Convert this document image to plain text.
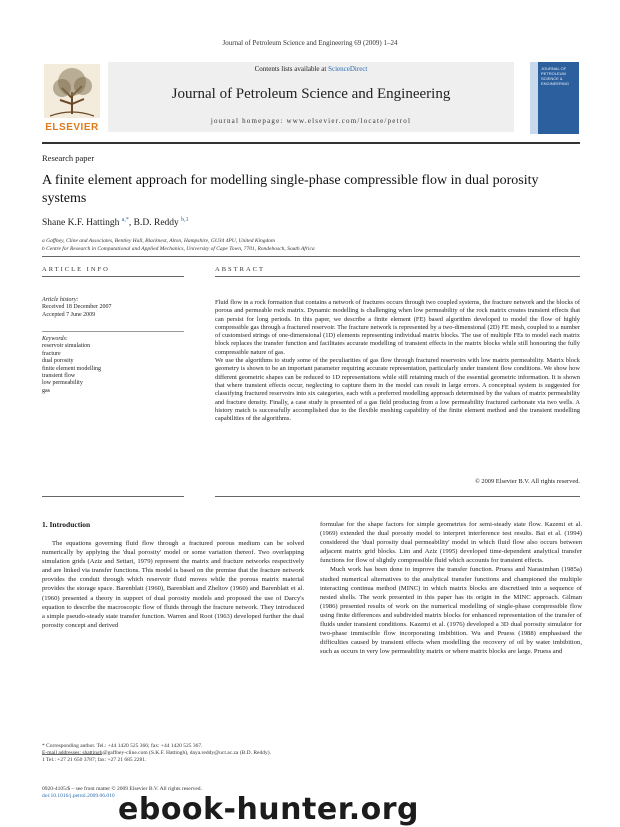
Journal of Petroleum Science and Engineering 69 (2009) 1–24
ELSEVIER
Contents lists available at ScienceDirect
Journal of Petroleum Science and Engineering
journal homepage: www.elsevier.com/locate/petrol
JOURNAL OF
PETROLEUM
SCIENCE &
ENGINEERING
Research paper
A finite element approach for modelling single-phase compressible flow in dual porosity systems
Shane K.F. Hattingh $^{a,*}$, B.D. Reddy $^{b,1}$
a Gaffney, Cline and Associates, Bentley Hall, Blacknest, Alton, Hampshire, GU34 4PU, United Kingdom
b Centre for Research in Computational and Applied Mechanics, University of Cape Town, 7701, Rondebosch, South Africa
ARTICLE INFO	ABSTRACT
Article history:
Received 18 December 2007
Accepted 7 June 2009
Keywords:
reservoir simulation
fracture
dual porosity
finite element modelling
transient flow
low permeability
gas

Fluid flow in a rock formation that contains a network of fractures occurs through two coupled systems, the fracture network and the blocks of porous and permeable rock matrix. Dynamic modelling is challenging when low permeability of the rock matrix creates transient effects that can persist for long periods. In this paper, we describe a finite element (FE) based algorithm developed to model the flow of highly compressible gas through a fractured reservoir. The fracture network is represented by a two-dimensional (2D) FE mesh, coupled to a number of customised strings of one-dimensional (1D) elements representing individual matrix blocks. The use of multiple FEs to model each matrix block replaces the transfer function and facilitates accurate modelling of transient effects in the matrix blocks while still honouring the fully compressible nature of gas.

We use the algorithms to study some of the peculiarities of gas flow through fractured reservoirs with low matrix permeability. Matrix block geometry is shown to be an important parameter requiring accurate representation, particularly under transient flow conditions. We show how different geometric shapes can be reduced to 1D representations while still retaining much of the essential geometric information. It is shown that where transient effects occur, neglecting to capture them in the model can result in large errors. A conceptual system is suggested for classifying fractured reservoirs into six categories, each with a preferred modelling approach determined by the values of matrix permeability and fracture density. Finally, a case study is presented of a gas field producing from a low permeability fractured carbonate via two wells. A history match is successfully accomplished due to the flexible meshing capability of the finite element method and the transient modelling capabilities of the algorithms.

© 2009 Elsevier B.V. All rights reserved.
1. Introduction

The equations governing fluid flow through a fractured porous medium can be solved numerically by applying the 'dual porosity' model or some variation thereof. Two overlapping simulation grids (Aziz and Settari, 1979) represent the matrix and fracture networks respectively and are linked via transfer functions. This model is based on the premise that the fracture network provides the conduit through which reservoir fluid moves while the porous matrix material provides the storage space. Barenblatt (1960), Barenblatt and Zheltov (1960) and Barenblatt et al. (1960) presented a theory in support of dual porosity models and proposed the use of Darcy's equation to describe the macroscopic flow of fluids through the fracture network. They introduced a simple pseudo-steady state transfer function. Warren and Root (1963) developed further the dual porosity concept and derived

formulae for the shape factors for simple geometries for semi-steady state flow. Kazemi et al. (1969) extended the dual porosity model to interpret interference test results. Bai et al. (1994) considered the 'dual porosity dual permeability' model in which fluid flow also occurs between adjacent matrix grid blocks. Lim and Aziz (1995) developed time-dependent analytical transfer functions for flow of slightly compressible fluid which accounts for transient effects.

Much work has been done to improve the transfer function. Pruess and Narasimhan (1985a) studied numerical alternatives to the analytical transfer functions and championed the multiple interacting continua method (MINC) in which matrix blocks are discretised into a sequence of nested shells. The work presented in this paper has its origin in the MINC approach. Gilman (1986) presented results of work on the numerical modelling of single-phase compressible flow using finite differences and subdivided matrix blocks for enhanced representation of the transfer of fluids under transient conditions. Kazemi et al. (1976) developed a 3D dual porosity simulator for two-phase immiscible flow incorporating imbibition. Wu and Pruess (1988) emphasised the difficulties caused by transient effects when modelling the recovery of oil by water imbibition, such as occurs in very low permeability matrix or where matrix blocks are large. Pruess and

* Corresponding author. Tel.: +44 1420 525 366; fax: +44 1420 525 367.
E-mail addresses: shattingh@gaffney-cline.com (S.K.F. Hattingh), daya.reddy@uct.ac.za (B.D. Reddy).
1 Tel.: +27 21 650 3787; fax: +27 21 685 2281.
0920-4105/$ – see front matter © 2009 Elsevier B.V. All rights reserved.
doi:10.1016/j.petrol.2009.06.010 ebook-hunter.org
